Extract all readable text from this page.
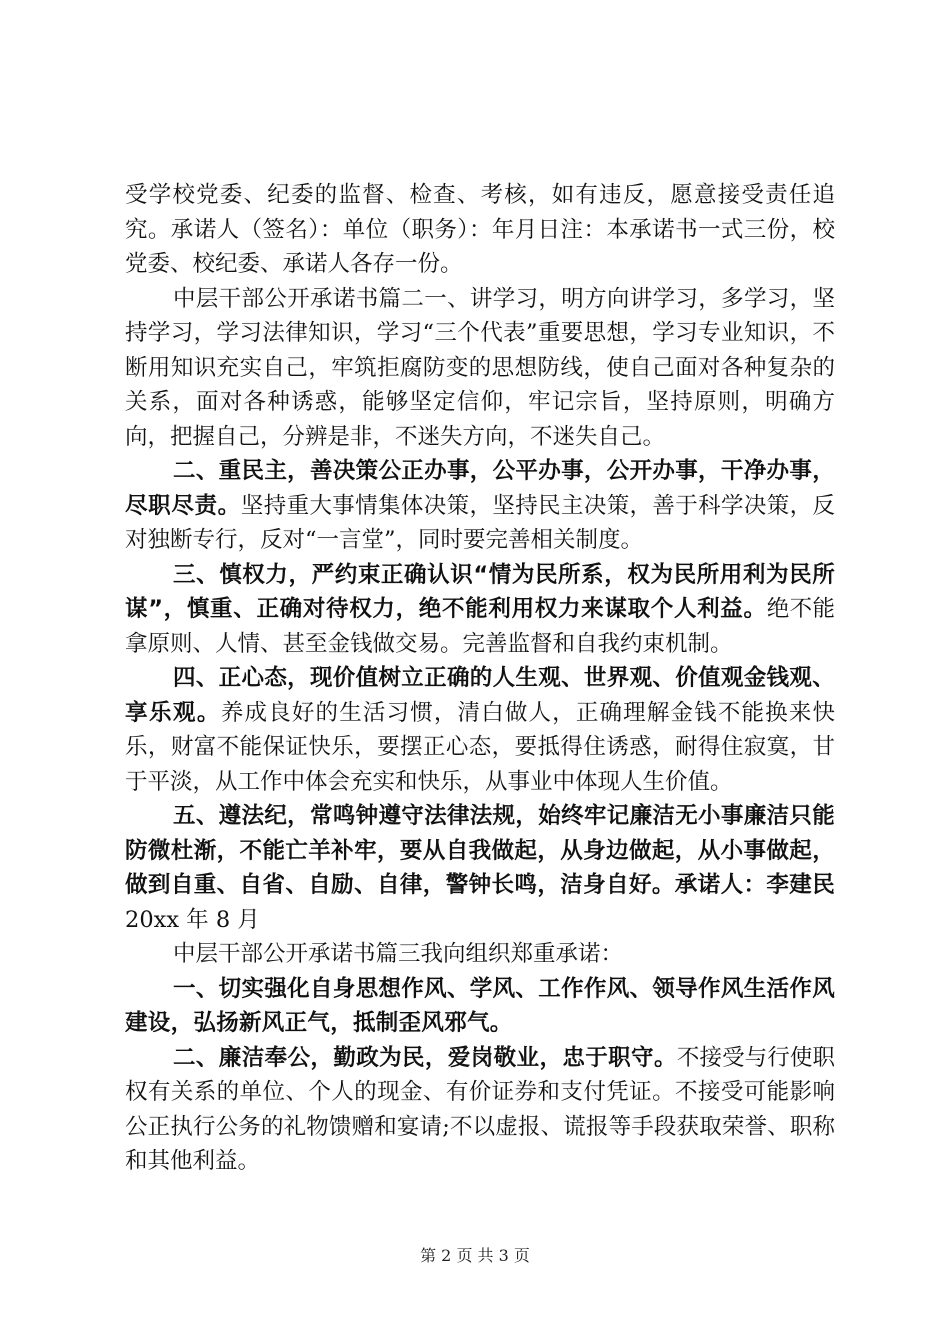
受学校党委、纪委的监督、检查、考核，如有违反，愿意接受责任追究。承诺人（签名）：单位（职务）：年月日注：本承诺书一式三份，校党委、校纪委、承诺人各存一份。

中层干部公开承诺书篇二一、讲学习，明方向讲学习，多学习，坚持学习，学习法律知识，学习“三个代表”重要思想，学习专业知识，不断用知识充实自己，牢筑拒腐防变的思想防线，使自己面对各种复杂的关系，面对各种诱惑，能够坚定信仰，牢记宗旨，坚持原则，明确方向，把握自己，分辨是非，不迷失方向，不迷失自己。

二、重民主，善决策公正办事，公平办事，公开办事，干净办事，尽职尽责。坚持重大事情集体决策，坚持民主决策，善于科学决策，反对独断专行，反对“一言堂”，同时要完善相关制度。

三、慎权力，严约束正确认识“情为民所系，权为民所用利为民所谋”，慎重、正确对待权力，绝不能利用权力来谋取个人利益。绝不能拿原则、人情、甚至金钱做交易。完善监督和自我约束机制。

四、正心态，现价值树立正确的人生观、世界观、价值观金钱观、享乐观。养成良好的生活习惯，清白做人，正确理解金钱不能换来快乐，财富不能保证快乐，要摆正心态，要抵得住诱惑，耐得住寂寞，甘于平淡，从工作中体会充实和快乐，从事业中体现人生价值。

五、遵法纪，常鸣钟遵守法律法规，始终牢记廉洁无小事廉洁只能防微杜渐，不能亡羊补牢，要从自我做起，从身边做起，从小事做起，做到自重、自省、自励、自律，警钟长鸣，洁身自好。承诺人：李建民 20xx 年 8 月

中层干部公开承诺书篇三我向组织郑重承诺：

一、切实强化自身思想作风、学风、工作作风、领导作风生活作风建设，弘扬新风正气，抵制歪风邪气。

二、廉洁奉公，勤政为民，爱岗敬业，忠于职守。不接受与行使职权有关系的单位、个人的现金、有价证券和支付凭证。不接受可能影响公正执行公务的礼物馈赠和宴请;不以虚报、谎报等手段获取荣誉、职称和其他利益。

第 2 页 共 3 页
